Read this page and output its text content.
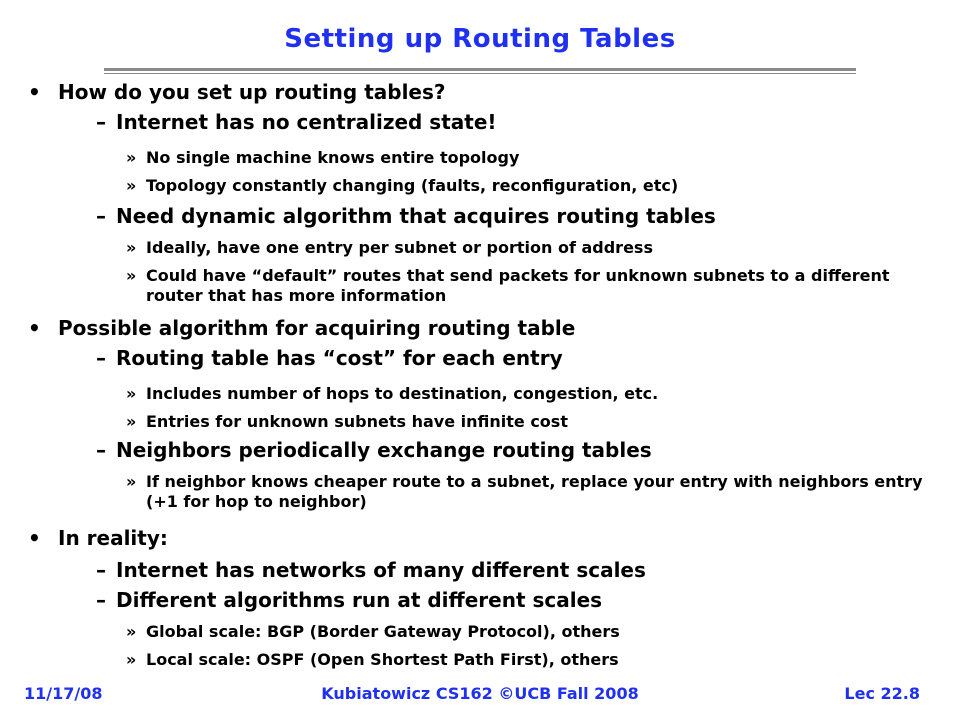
Setting up Routing Tables
• How do you set up routing tables?
– Internet has no centralized state!
» No single machine knows entire topology
» Topology constantly changing (faults, reconfiguration, etc)
– Need dynamic algorithm that acquires routing tables
» Ideally, have one entry per subnet or portion of address
» Could have “default” routes that send packets for unknown subnets to a different router that has more information
• Possible algorithm for acquiring routing table
– Routing table has “cost” for each entry
» Includes number of hops to destination, congestion, etc.
» Entries for unknown subnets have infinite cost
– Neighbors periodically exchange routing tables
» If neighbor knows cheaper route to a subnet, replace your entry with neighbors entry (+1 for hop to neighbor)
• In reality:
– Internet has networks of many different scales
– Different algorithms run at different scales
» Global scale: BGP (Border Gateway Protocol), others
» Local scale: OSPF (Open Shortest Path First), others
11/17/08	Kubiatowicz CS162 ©UCB Fall 2008	Lec 22.8
